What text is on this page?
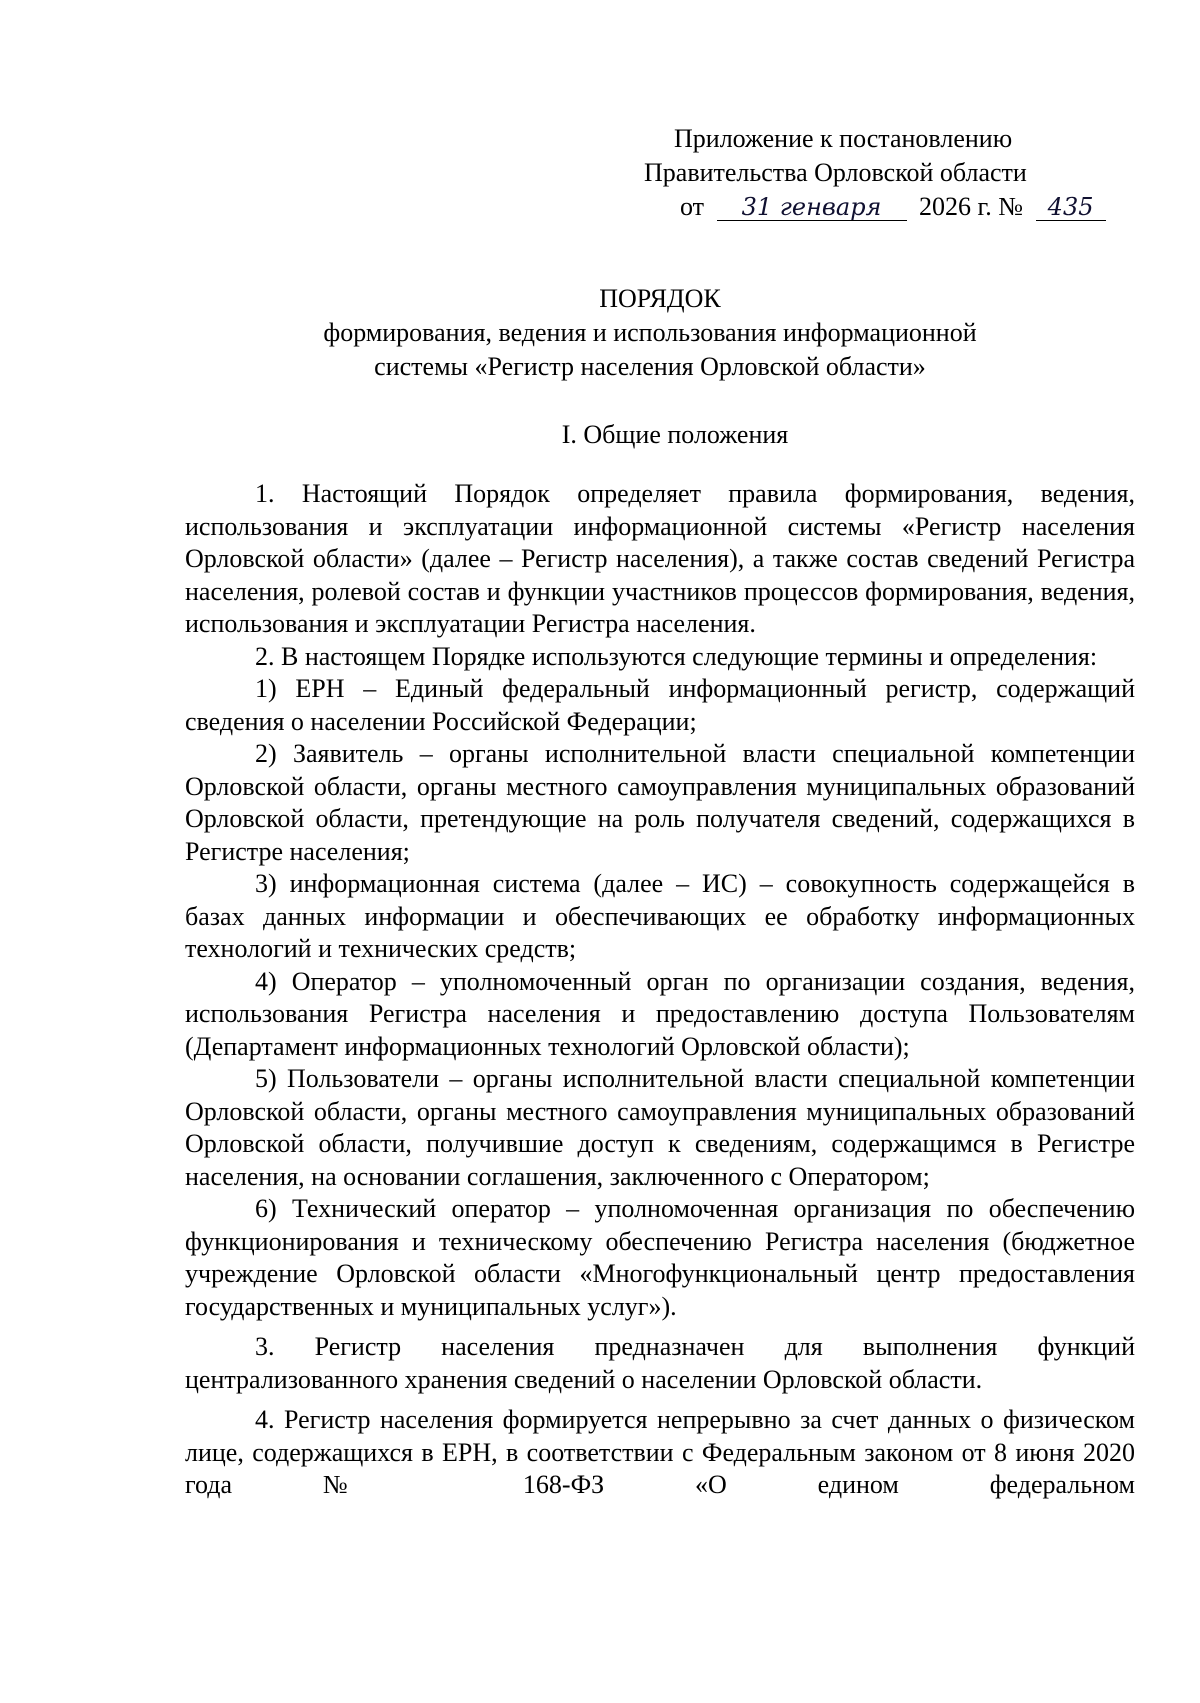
Приложение к постановлению
Правительства Орловской области
от 31 генваря 2026 г. № 435
ПОРЯДОК
формирования, ведения и использования информационной
системы «Регистр населения Орловской области»
I. Общие положения

1. Настоящий Порядок определяет правила формирования, ведения, использования и эксплуатации информационной системы «Регистр населения Орловской области» (далее – Регистр населения), а также состав сведений Регистра населения, ролевой состав и функции участников процессов формирования, ведения, использования и эксплуатации Регистра населения.

2. В настоящем Порядке используются следующие термины и определения:

1) ЕРН – Единый федеральный информационный регистр, содержащий сведения о населении Российской Федерации;

2) Заявитель – органы исполнительной власти специальной компетенции Орловской области, органы местного самоуправления муниципальных образований Орловской области, претендующие на роль получателя сведений, содержащихся в Регистре населения;

3) информационная система (далее – ИС) – совокупность содержащейся в базах данных информации и обеспечивающих ее обработку информационных технологий и технических средств;

4) Оператор – уполномоченный орган по организации создания, ведения, использования Регистра населения и предоставлению доступа Пользователям (Департамент информационных технологий Орловской области);

5) Пользователи – органы исполнительной власти специальной компетенции Орловской области, органы местного самоуправления муниципальных образований Орловской области, получившие доступ к сведениям, содержащимся в Регистре населения, на основании соглашения, заключенного с Оператором;

6) Технический оператор – уполномоченная организация по обеспечению функционирования и техническому обеспечению Регистра населения (бюджетное учреждение Орловской области «Многофункциональный центр предоставления государственных и муниципальных услуг»).

3. Регистр населения предназначен для выполнения функций централизованного хранения сведений о населении Орловской области.

4. Регистр населения формируется непрерывно за счет данных о физическом лице, содержащихся в ЕРН, в соответствии с Федеральным законом от 8 июня 2020 года № 168-ФЗ «О едином федеральном
